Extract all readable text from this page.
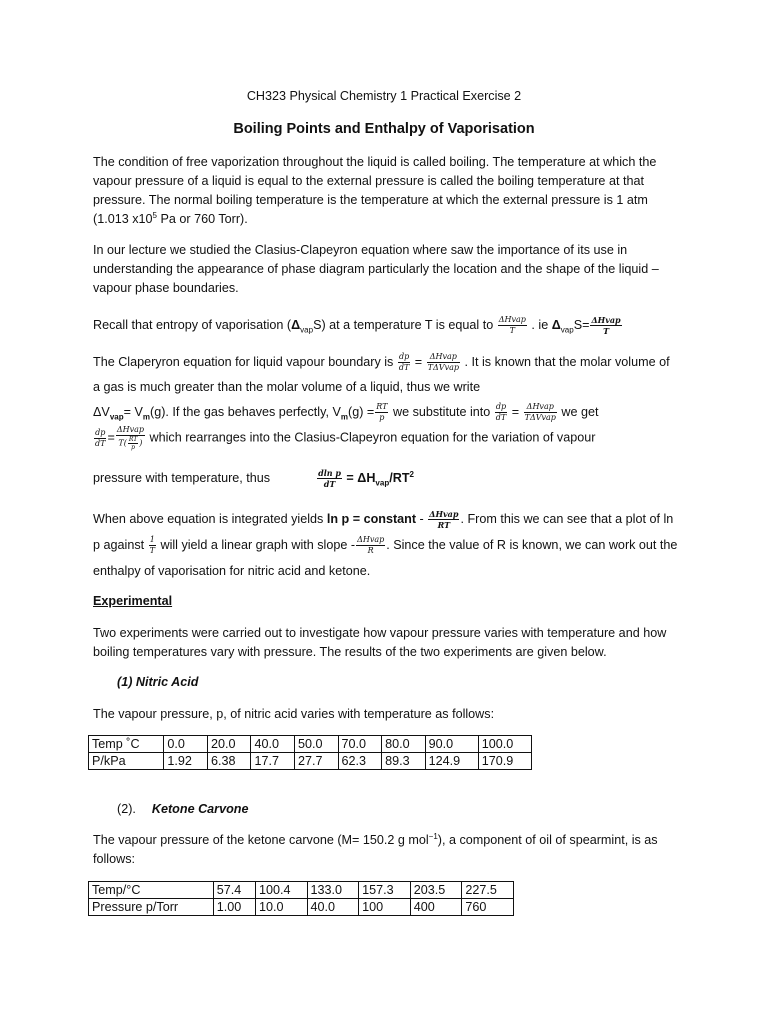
CH323 Physical Chemistry 1 Practical Exercise 2

Boiling Points and Enthalpy of Vaporisation

The condition of free vaporization throughout the liquid is called boiling. The temperature at which the vapour pressure of a liquid is equal to the external pressure is called the boiling temperature at that pressure. The normal boiling temperature is the temperature at which the external pressure is 1 atm (1.013 $x10^5$ Pa or 760 Torr).

In our lecture we studied the Clasius-Clapeyron equation where saw the importance of its use in understanding the appearance of phase diagram particularly the location and the shape of the liquid –vapour phase boundaries.

Recall that entropy of vaporisation $(\Delta_{vap}S)$ at a temperature T is equal to ΔHvap
T	. ie $\Delta_{vap}S=$ ΔHvap
T

The Claperyron equation for liquid vapour boundary is $\frac{dp}{dT}$ = ΔHvap
TΔVvap . It is known that the molar volume of a gas is much greater than the molar volume of a liquid, thus we write
$\Delta V_{vap}= V_m(g)$. If the gas behaves perfectly, $V_m(g) = \frac{RT}{p}$ we substitute into $\frac{dp}{dT}$ = ΔHvap
TΔVvap we get

$\frac{dp}{dT}$ =
ΔHvap
$T( \frac{RT}{p}$ ) which rearranges into the Clasius-Clapeyron equation for the variation of vapour

pressure with temperature, thus	$\frac{\text{dln p}}{dT} = \Delta H_{vap}/RT^2$

When above equation is integrated yields ln p = constant - ΔHvap
RT . From this we can see that a plot of ln p against $\frac{1}{T}$ will yield a linear graph with slope - ΔHvap
R . Since the value of R is known, we can work out the enthalpy of vaporisation for nitric acid and ketone.

Experimental

Two experiments were carried out to investigate how vapour pressure varies with temperature and how boiling temperatures vary with pressure. The results of the two experiments are given below.

(1) Nitric Acid

The vapour pressure, p, of nitric acid varies with temperature as follows:

Temp ˚C	0.0	20.0	40.0	50.0	70.0	80.0	90.0	100.0
P/kPa	1.92	6.38	17.7	27.7	62.3	89.3	124.9	170.9

(2). Ketone Carvone

The vapour pressure of the ketone carvone (M= 150.2 g mol$^{-1}$), a component of oil of spearmint, is as follows:

Temp/°C	57.4	100.4	133.0	157.3	203.5	227.5
Pressure p/Torr	1.00	10.0	40.0	100	400	760
